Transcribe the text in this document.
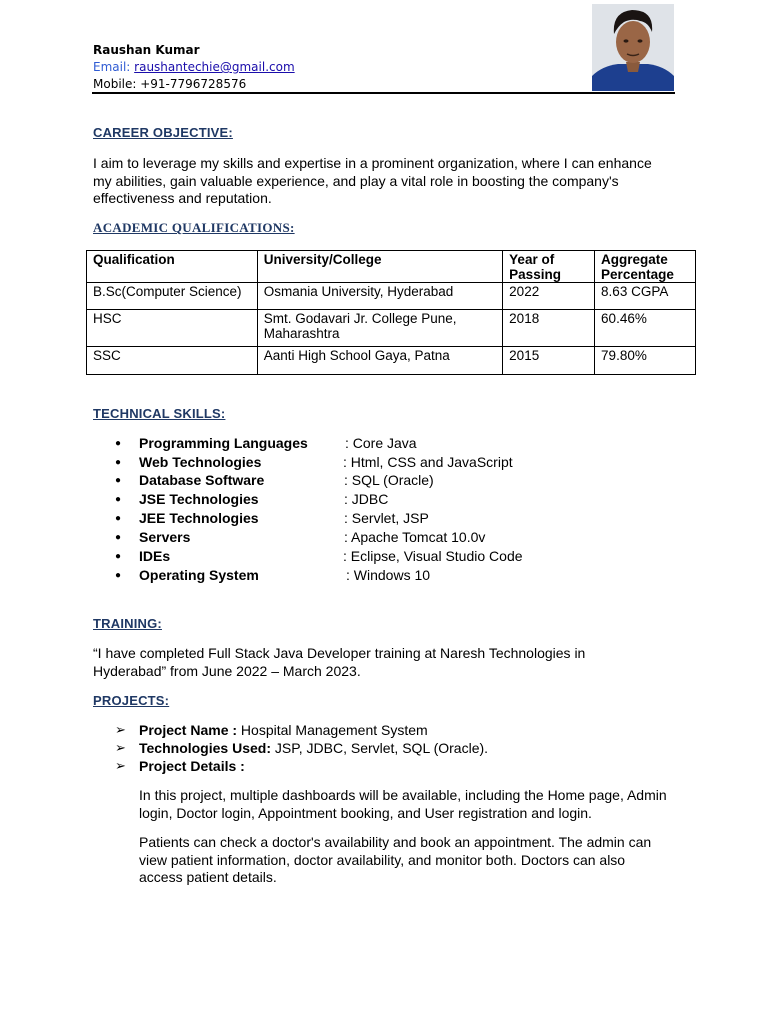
Raushan Kumar
Email: raushantechie@gmail.com
Mobile: +91-7796728576
CAREER OBJECTIVE:
I aim to leverage my skills and expertise in a prominent organization, where I can enhance my abilities, gain valuable experience, and play a vital role in boosting the company's effectiveness and reputation.
ACADEMIC QUALIFICATIONS:
Qualification	University/College	Year of Passing	Aggregate Percentage
B.Sc(Computer Science)	Osmania University, Hyderabad	2022	8.63 CGPA
HSC	Smt. Godavari Jr. College Pune, Maharashtra	2018	60.46%
SSC	Aanti High School Gaya, Patna	2015	79.80%
TECHNICAL SKILLS:
● Programming Languages	: Core Java
● Web Technologies	: Html, CSS and JavaScript
● Database Software	: SQL (Oracle)
● JSE Technologies	: JDBC
● JEE Technologies	: Servlet, JSP
● Servers	: Apache Tomcat 10.0v
● IDEs	: Eclipse, Visual Studio Code
● Operating System	: Windows 10
TRAINING:
“I have completed Full Stack Java Developer training at Naresh Technologies in Hyderabad” from June 2022 – March 2023.
PROJECTS:
➢ Project Name : Hospital Management System
➢ Technologies Used: JSP, JDBC, Servlet, SQL (Oracle).
➢ Project Details :
In this project, multiple dashboards will be available, including the Home page, Admin login, Doctor login, Appointment booking, and User registration and login.
Patients can check a doctor's availability and book an appointment. The admin can view patient information, doctor availability, and monitor both. Doctors can also access patient details.
